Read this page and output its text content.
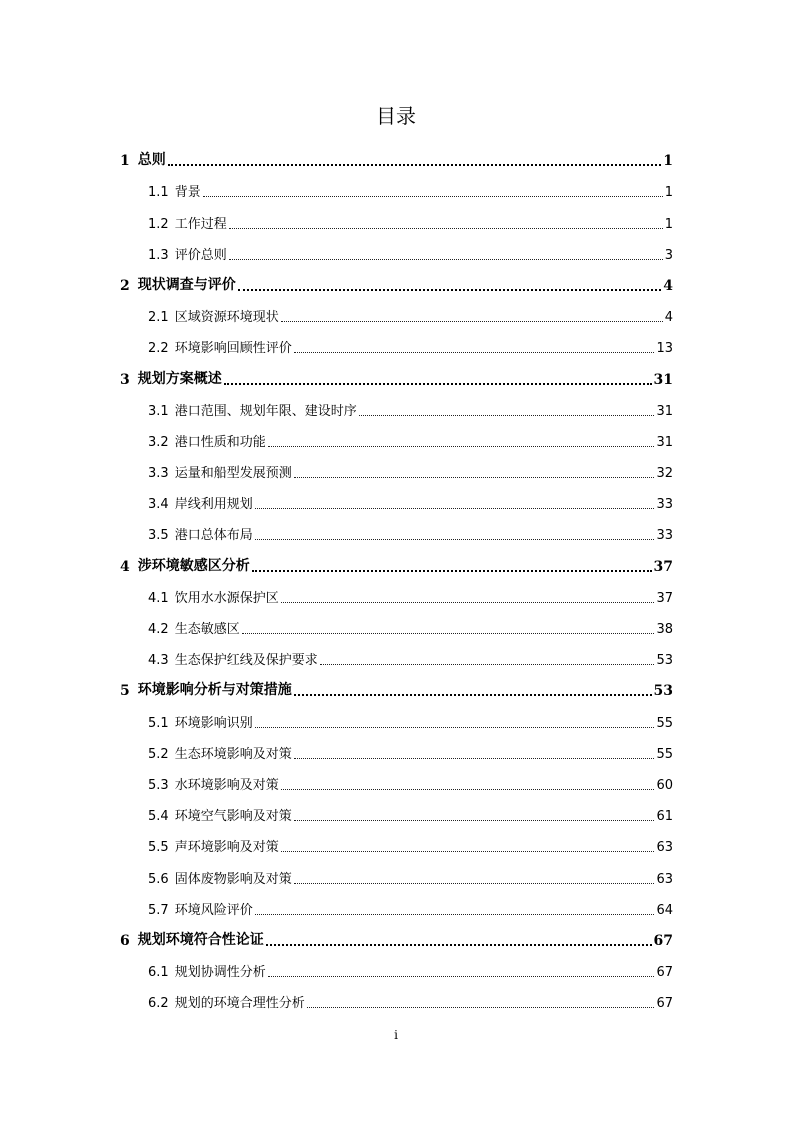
目录
1 总则	1
1.1 背景	1
1.2 工作过程	1
1.3 评价总则	3
2 现状调查与评价	4
2.1 区域资源环境现状	4
2.2 环境影响回顾性评价	13
3 规划方案概述	31
3.1 港口范围、规划年限、建设时序	31
3.2 港口性质和功能	31
3.3 运量和船型发展预测	32
3.4 岸线利用规划	33
3.5 港口总体布局	33
4 涉环境敏感区分析	37
4.1 饮用水水源保护区	37
4.2 生态敏感区	38
4.3 生态保护红线及保护要求	53
5 环境影响分析与对策措施	53
5.1 环境影响识别	55
5.2 生态环境影响及对策	55
5.3 水环境影响及对策	60
5.4 环境空气影响及对策	61
5.5 声环境影响及对策	63
5.6 固体废物影响及对策	63
5.7 环境风险评价	64
6 规划环境符合性论证	67
6.1 规划协调性分析	67
6.2 规划的环境合理性分析	67
i
